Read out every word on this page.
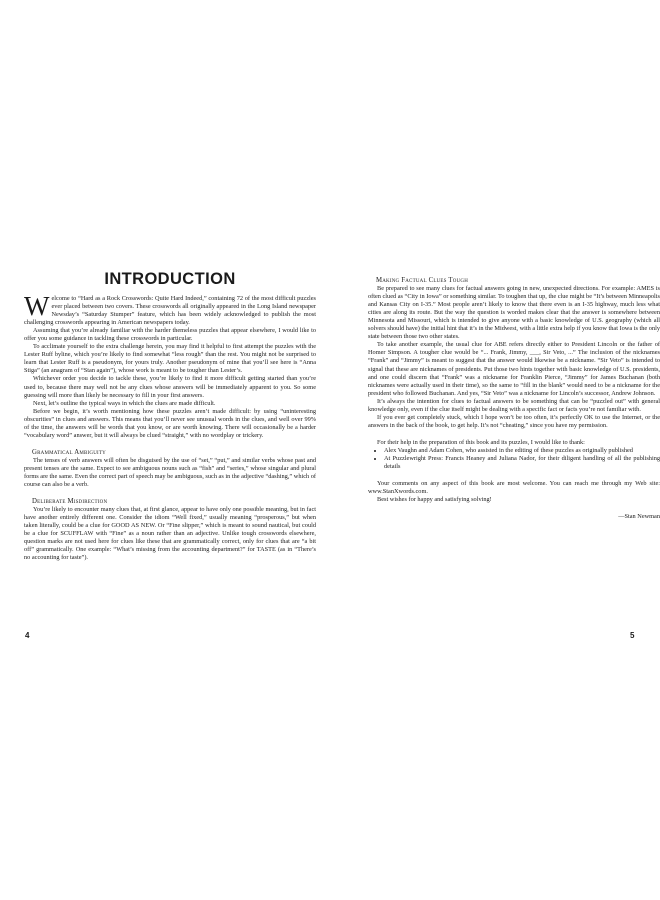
INTRODUCTION

Welcome to “Hard as a Rock Crosswords: Quite Hard Indeed,” containing 72 of the most difficult puzzles ever placed between two covers. These crosswords all originally appeared in the Long Island newspaper Newsday’s “Saturday Stumper” feature, which has been widely acknowledged to publish the most challenging crosswords appearing in American newspapers today.

Assuming that you’re already familiar with the harder themeless puzzles that appear elsewhere, I would like to offer you some guidance in tackling these crosswords in particular.

To acclimate yourself to the extra challenge herein, you may find it helpful to first attempt the puzzles with the Lester Ruff byline, which you’re likely to find somewhat “less rough” than the rest. You might not be surprised to learn that Lester Ruff is a pseudonym, for yours truly. Another pseudonym of mine that you’ll see here is “Anna Stiga” (an anagram of “Stan again”), whose work is meant to be tougher than Lester’s.

Whichever order you decide to tackle these, you’re likely to find it more difficult getting started than you’re used to, because there may well not be any clues whose answers will be immediately apparent to you. So some guessing will more than likely be necessary to fill in your first answers.

Next, let’s outline the typical ways in which the clues are made difficult.

Before we begin, it’s worth mentioning how these puzzles aren’t made difficult: by using “uninteresting obscurities” in clues and answers. This means that you’ll never see unusual words in the clues, and well over 99% of the time, the answers will be words that you know, or are worth knowing. There will occasionally be a harder “vocabulary word” answer, but it will always be clued “straight,” with no wordplay or trickery.

Grammatical Ambiguity

The tenses of verb answers will often be disguised by the use of “set,” “put,” and similar verbs whose past and present tenses are the same. Expect to see ambiguous nouns such as “fish” and “series,” whose singular and plural forms are the same. Even the correct part of speech may be ambiguous, such as in the adjective “dashing,” which of course can also be a verb.

Deliberate Misdirection

You’re likely to encounter many clues that, at first glance, appear to have only one possible meaning, but in fact have another entirely different one. Consider the idiom “Well fixed,” usually meaning “prosperous,” but when taken literally, could be a clue for GOOD AS NEW. Or “Fine slipper,” which is meant to sound nautical, but could be a clue for SCUFFLAW with “Fine” as a noun rather than an adjective. Unlike tough crosswords elsewhere, question marks are not used here for clues like these that are grammatically correct, only for clues that are “a bit off” grammatically. One example: “What’s missing from the accounting department?” for TASTE (as in “There’s no accounting for taste”).

4
Making Factual Clues Tough

Be prepared to see many clues for factual answers going in new, unexpected directions. For example: AMES is often clued as “City in Iowa” or something similar. To toughen that up, the clue might be “It’s between Minneapolis and Kansas City on I-35.” Most people aren’t likely to know that there even is an I-35 highway, much less what cities are along its route. But the way the question is worded makes clear that the answer is somewhere between Minnesota and Missouri, which is intended to give anyone with a basic knowledge of U.S. geography (which all solvers should have) the initial hint that it’s in the Midwest, with a little extra help if you know that Iowa is the only state between those two other states.

To take another example, the usual clue for ABE refers directly either to President Lincoln or the father of Homer Simpson. A tougher clue would be “... Frank, Jimmy, ___, Sir Veto, ...” The inclusion of the nicknames “Frank” and “Jimmy” is meant to suggest that the answer would likewise be a nickname. “Sir Veto” is intended to signal that these are nicknames of presidents. Put those two hints together with basic knowledge of U.S. presidents, and one could discern that “Frank” was a nickname for Franklin Pierce, “Jimmy” for James Buchanan (both nicknames were actually used in their time), so the same to “fill in the blank” would need to be a nickname for the president who followed Buchanan. And yes, “Sir Veto” was a nickname for Lincoln’s successor, Andrew Johnson.

It’s always the intention for clues to factual answers to be something that can be “puzzled out” with general knowledge only, even if the clue itself might be dealing with a specific fact or facts you’re not familiar with.

If you ever get completely stuck, which I hope won’t be too often, it’s perfectly OK to use the Internet, or the answers in the back of the book, to get help. It’s not “cheating,” since you have my permission.

For their help in the preparation of this book and its puzzles, I would like to thank:

• Alex Vaughn and Adam Cohen, who assisted in the editing of these puzzles as originally published
• At Puzzlewright Press: Francis Heaney and Juliana Nador, for their diligent handling of all the publishing details

Your comments on any aspect of this book are most welcome. You can reach me through my Web site: www.StanXwords.com.

Best wishes for happy and satisfying solving!

—Stan Newman
5
